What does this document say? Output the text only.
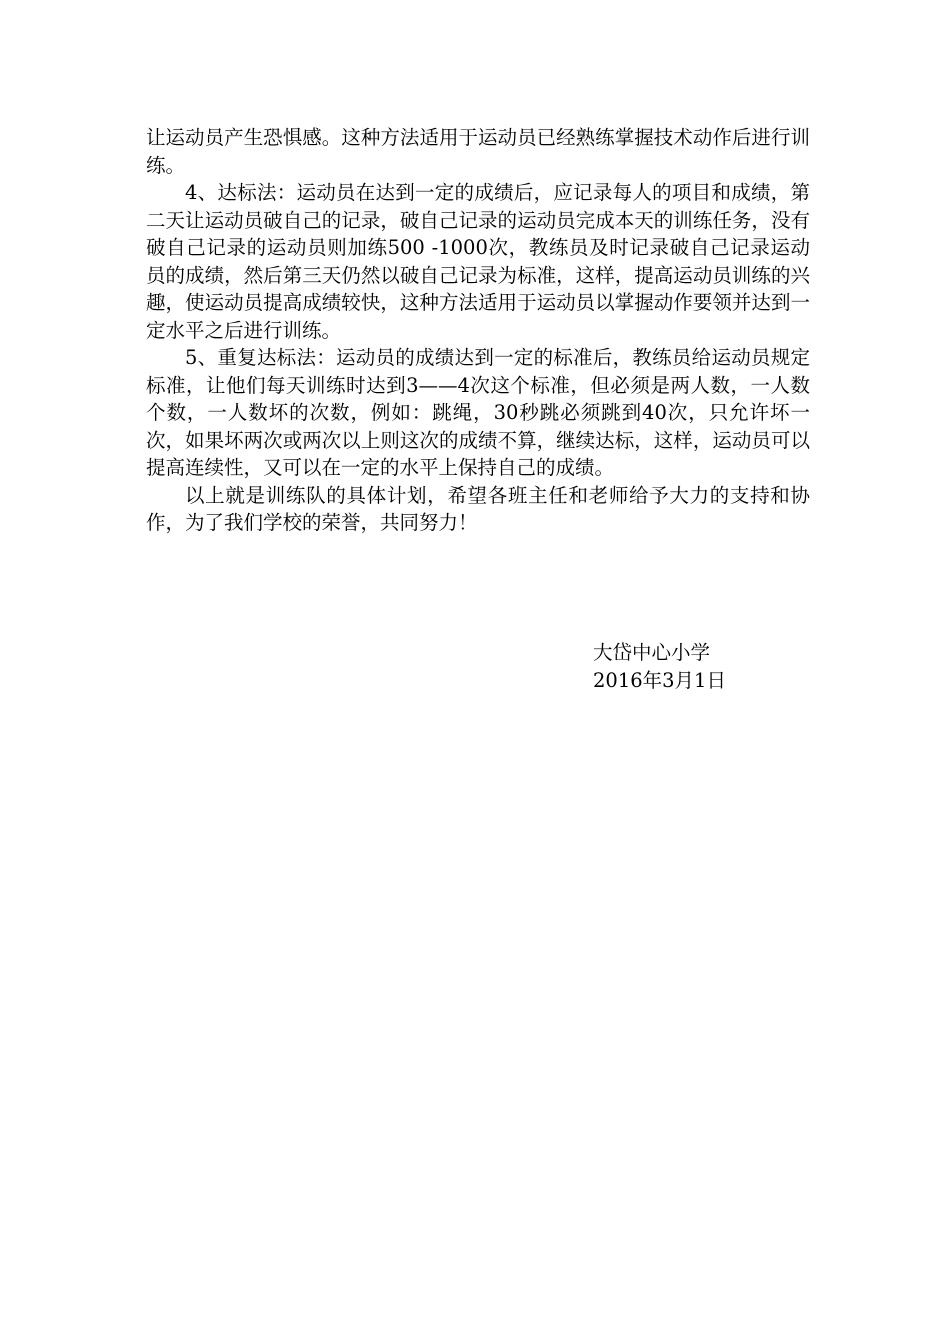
让运动员产生恐惧感。这种方法适用于运动员已经熟练掌握技术动作后进行训练。

4、达标法：运动员在达到一定的成绩后，应记录每人的项目和成绩，第二天让运动员破自己的记录，破自己记录的运动员完成本天的训练任务，没有破自己记录的运动员则加练500 -1000次，教练员及时记录破自己记录运动员的成绩，然后第三天仍然以破自己记录为标准，这样，提高运动员训练的兴趣，使运动员提高成绩较快，这种方法适用于运动员以掌握动作要领并达到一定水平之后进行训练。

5、重复达标法：运动员的成绩达到一定的标准后，教练员给运动员规定标准，让他们每天训练时达到3——4次这个标准，但必须是两人数，一人数个数，一人数坏的次数，例如：跳绳，30秒跳必须跳到40次，只允许坏一次，如果坏两次或两次以上则这次的成绩不算，继续达标，这样，运动员可以提高连续性，又可以在一定的水平上保持自己的成绩。

以上就是训练队的具体计划，希望各班主任和老师给予大力的支持和协作，为了我们学校的荣誉，共同努力！

大岱中心小学
2016年3月1日
